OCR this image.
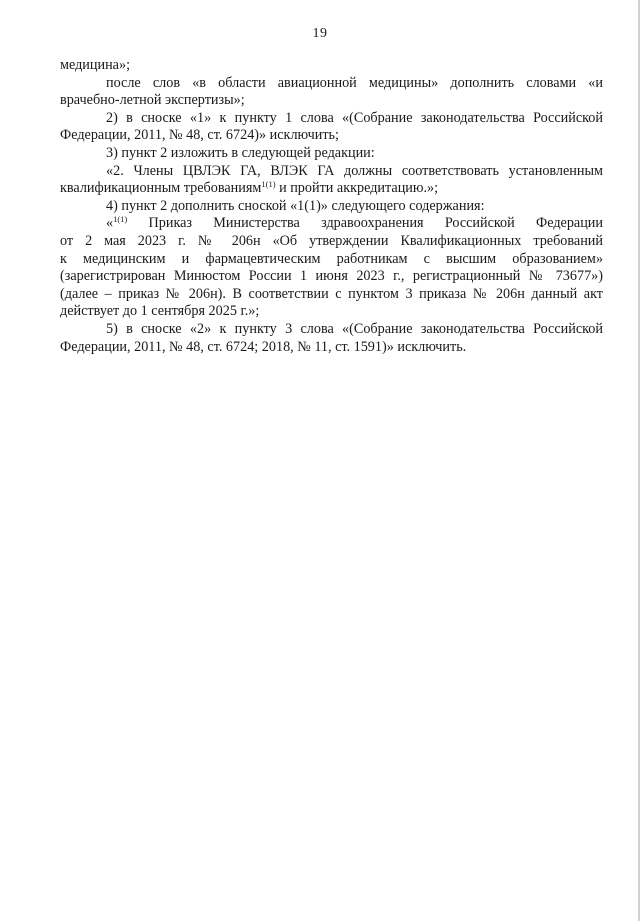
19
медицина»;
после слов «в области авиационной медицины» дополнить словами «и
врачебно-летной экспертизы»;
2) в сноске «1» к пункту 1 слова «(Собрание законодательства Российской
Федерации, 2011, № 48, ст. 6724)» исключить;
3) пункт 2 изложить в следующей редакции:
«2. Члены ЦВЛЭК ГА, ВЛЭК ГА должны соответствовать установленным
квалификационным требованиям$^{1(1)}$ и пройти аккредитацию.»;
4) пункт 2 дополнить сноской «1(1)» следующего содержания:
«$^{1(1)}$ Приказ Министерства здравоохранения Российской Федерации
от 2 мая 2023 г. № 206н «Об утверждении Квалификационных требований
к медицинским и фармацевтическим работникам с высшим образованием»
(зарегистрирован Минюстом России 1 июня 2023 г., регистрационный № 73677»)
(далее – приказ № 206н). В соответствии с пунктом 3 приказа № 206н данный акт
действует до 1 сентября 2025 г.»;
5) в сноске «2» к пункту 3 слова «(Собрание законодательства Российской
Федерации, 2011, № 48, ст. 6724; 2018, № 11, ст. 1591)» исключить.
